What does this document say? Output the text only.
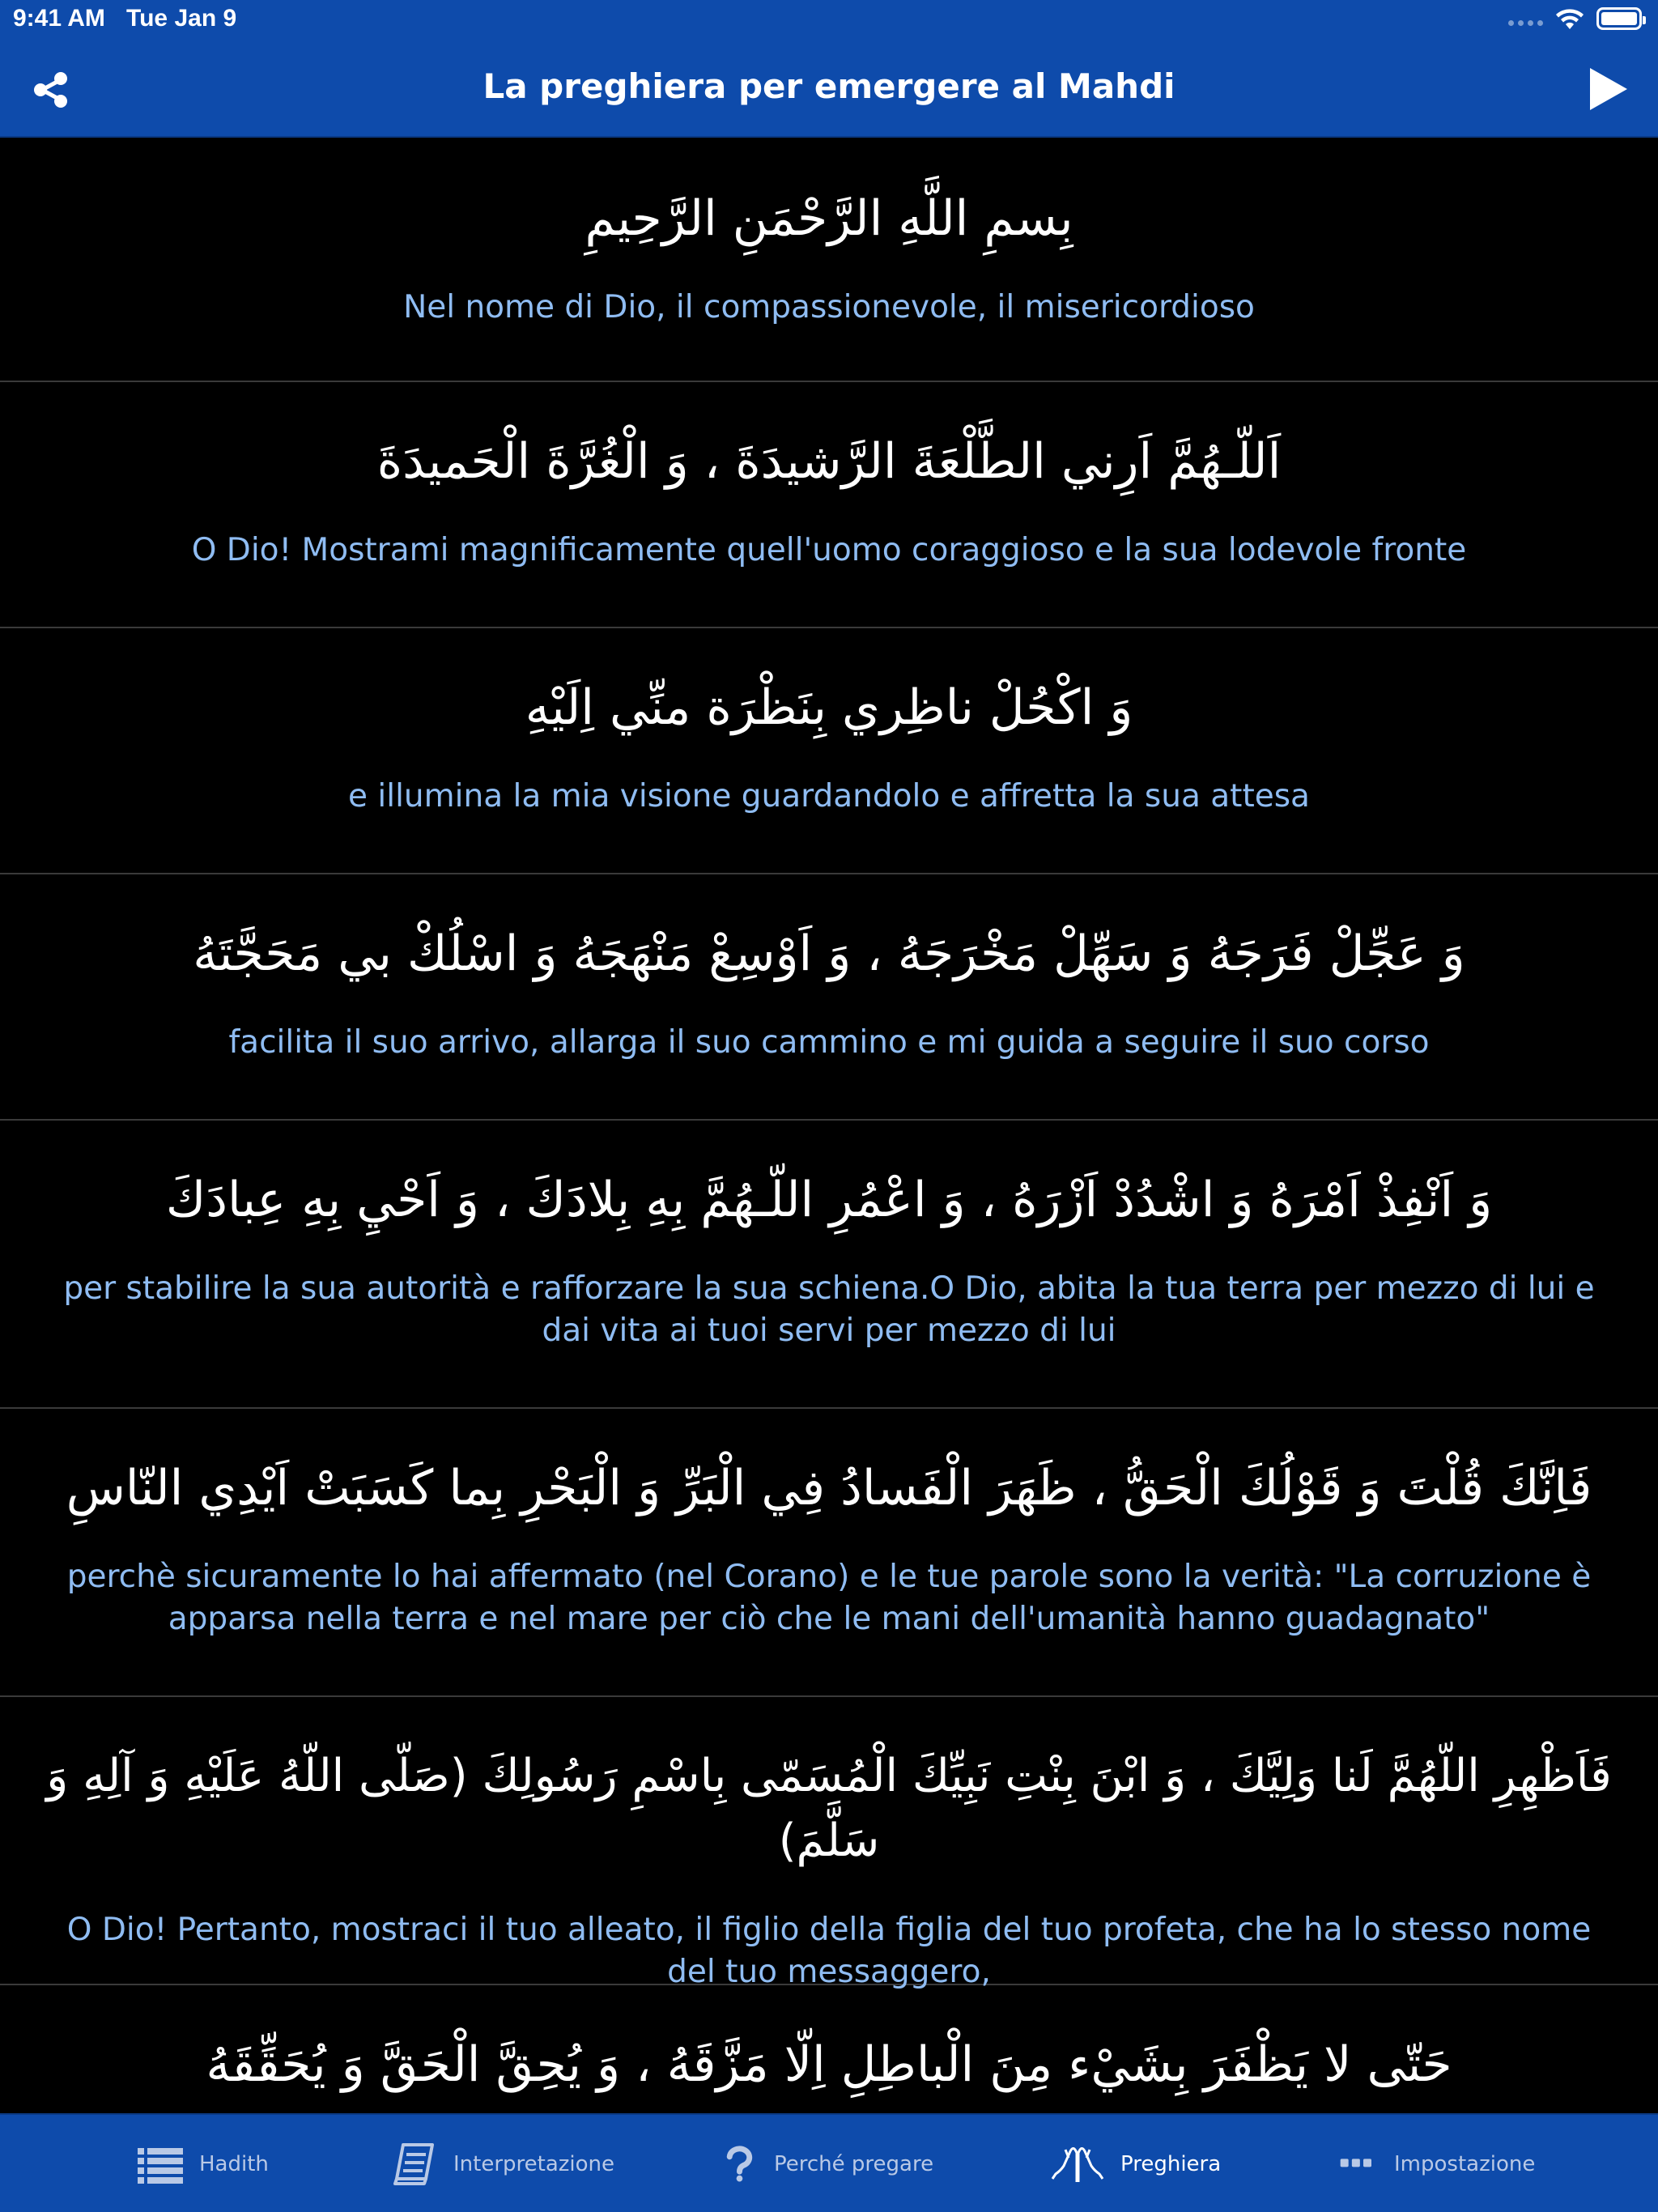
9:41 AM Tue Jan 9
La preghiera per emergere al Mahdi
بِسمِ اللَّهِ الرَّحْمَنِ الرَّحِيمِ
Nel nome di Dio, il compassionevole, il misericordioso
اَللّـهُمَّ اَرِني الطَّلْعَةَ الرَّشيدَةَ ، وَ الْغُرَّةَ الْحَميدَةَ
O Dio! Mostrami magnificamente quell'uomo coraggioso e la sua lodevole fronte
وَ اكْحُلْ ناظِري بِنَظْرَة منِّي اِلَيْهِ
e illumina la mia visione guardandolo e affretta la sua attesa
وَ عَجِّلْ فَرَجَهُ وَ سَهِّلْ مَخْرَجَهُ ، وَ اَوْسِعْ مَنْهَجَهُ وَ اسْلُكْ بي مَحَجَّتَهُ
facilita il suo arrivo, allarga il suo cammino e mi guida a seguire il suo corso
وَ اَنْفِذْ اَمْرَهُ وَ اشْدُدْ اَزْرَهُ ، وَ اعْمُرِ اللّـهُمَّ بِهِ بِلادَكَ ، وَ اَحْيِ بِهِ عِبادَكَ
per stabilire la sua autorità e rafforzare la sua schiena.O Dio, abita la tua terra per mezzo di lui e dai vita ai tuoi servi per mezzo di lui
فَاِنَّكَ قُلْتَ وَ قَوْلُكَ الْحَقُّ ، ظَهَرَ الْفَسادُ فِي الْبَرِّ وَ الْبَحْرِ بِما كَسَبَتْ اَيْدِي النّاسِ
perchè sicuramente lo hai affermato (nel Corano) e le tue parole sono la verità: "La corruzione è apparsa nella terra e nel mare per ciò che le mani dell'umanità hanno guadagnato"
فَاَظْهِرِ اللّهُمَّ لَنا وَلِيَّكَ ، وَ ابْنَ بِنْتِ نَبِيِّكَ الْمُسَمّى بِاسْمِ رَسُولِكَ (صَلّى اللّهُ عَلَيْهِ وَ آلِهِ وَ سَلَّمَ)
O Dio! Pertanto, mostraci il tuo alleato, il figlio della figlia del tuo profeta, che ha lo stesso nome del tuo messaggero,
حَتّى لا يَظْفَرَ بِشَيْء مِنَ الْباطِلِ اِلّا مَزَّقَهُ ، وَ يُحِقَّ الْحَقَّ وَ يُحَقِّقَهُ
Hadith	Interpretazione	Perché pregare	Preghiera	Impostazione
